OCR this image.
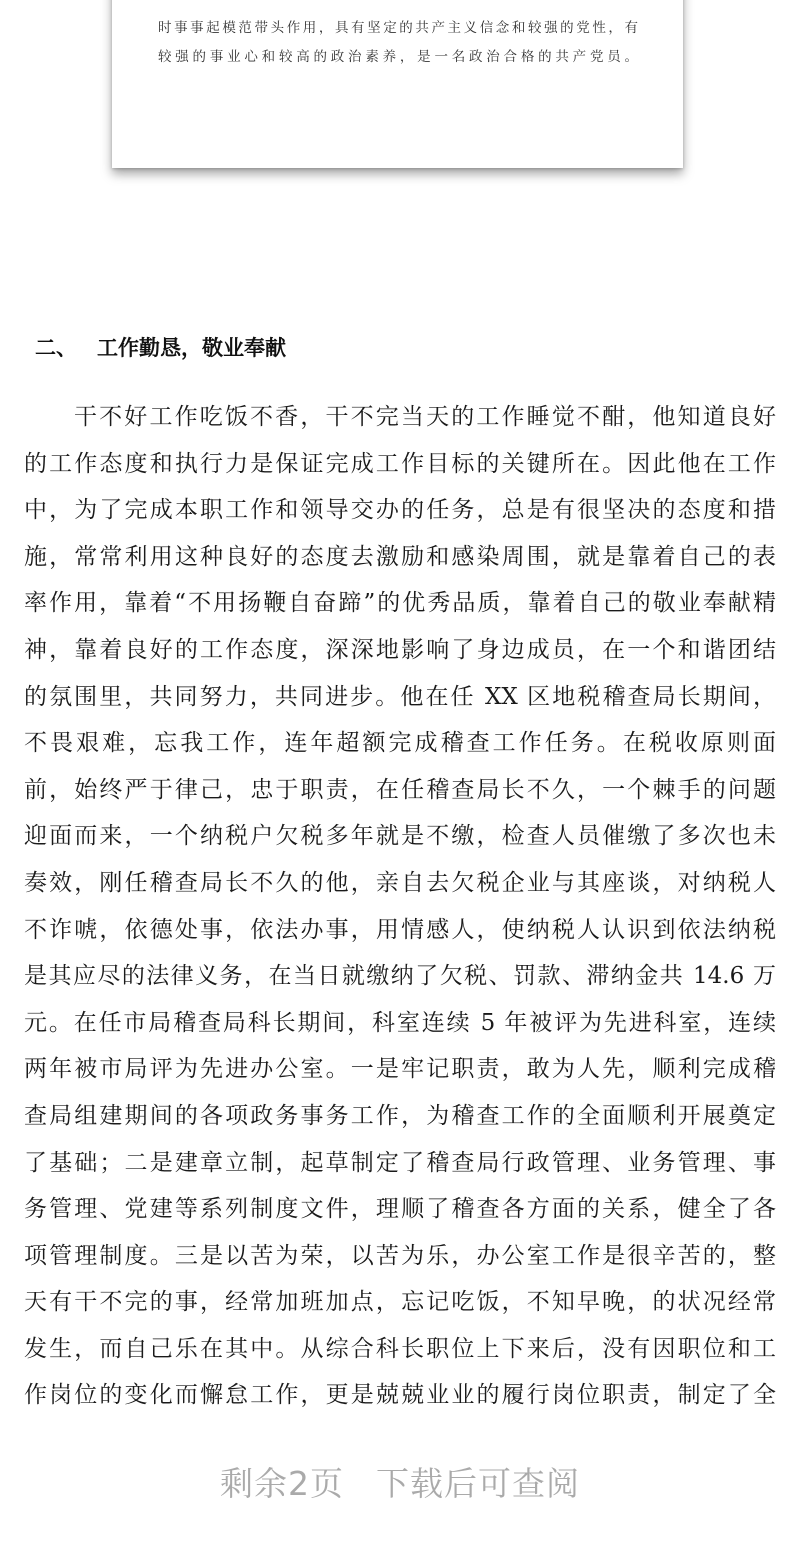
时事事起模范带头作用，具有坚定的共产主义信念和较强的党性，有
较强的事业心和较高的政治素养，是一名政治合格的共产党员。
二、 工作勤恳，敬业奉献
干不好工作吃饭不香，干不完当天的工作睡觉不酣，他知道良好
的工作态度和执行力是保证完成工作目标的关键所在。因此他在工作
中，为了完成本职工作和领导交办的任务，总是有很坚决的态度和措
施，常常利用这种良好的态度去激励和感染周围，就是靠着自己的表
率作用，靠着“不用扬鞭自奋蹄”的优秀品质，靠着自己的敬业奉献精
神，靠着良好的工作态度，深深地影响了身边成员，在一个和谐团结
的氛围里，共同努力，共同进步。他在任 XX 区地税稽查局长期间，
不畏艰难，忘我工作，连年超额完成稽查工作任务。在税收原则面
前，始终严于律己，忠于职责，在任稽查局长不久，一个棘手的问题
迎面而来，一个纳税户欠税多年就是不缴，检查人员催缴了多次也未
奏效，刚任稽查局长不久的他，亲自去欠税企业与其座谈，对纳税人
不诈唬，依德处事，依法办事，用情感人，使纳税人认识到依法纳税
是其应尽的法律义务，在当日就缴纳了欠税、罚款、滞纳金共 14.6 万
元。在任市局稽查局科长期间，科室连续 5 年被评为先进科室，连续
两年被市局评为先进办公室。一是牢记职责，敢为人先，顺利完成稽
查局组建期间的各项政务事务工作，为稽查工作的全面顺利开展奠定
了基础；二是建章立制，起草制定了稽查局行政管理、业务管理、事
务管理、党建等系列制度文件，理顺了稽查各方面的关系，健全了各
项管理制度。三是以苦为荣，以苦为乐，办公室工作是很辛苦的，整
天有干不完的事，经常加班加点，忘记吃饭，不知早晚，的状况经常
发生，而自己乐在其中。从综合科长职位上下来后，没有因职位和工
作岗位的变化而懈怠工作，更是兢兢业业的履行岗位职责，制定了全
剩余2页 下载后可查阅
